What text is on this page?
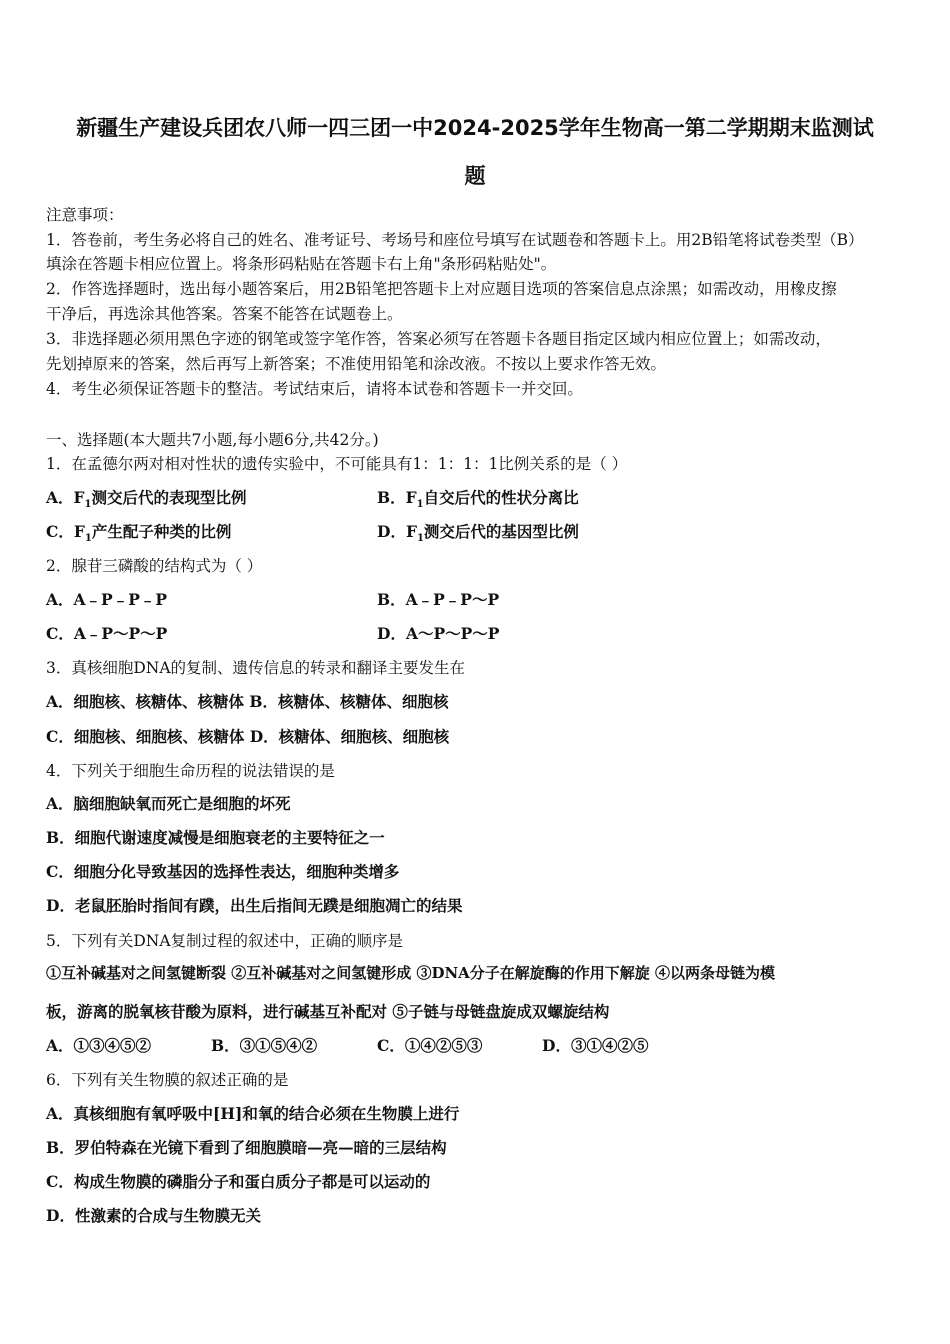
新疆生产建设兵团农八师一四三团一中2024-2025学年生物高一第二学期期末监测试
题
注意事项：
1．答卷前，考生务必将自己的姓名、准考证号、考场号和座位号填写在试题卷和答题卡上。用2B铅笔将试卷类型（B）
填涂在答题卡相应位置上。将条形码粘贴在答题卡右上角"条形码粘贴处"。
2．作答选择题时，选出每小题答案后，用2B铅笔把答题卡上对应题目选项的答案信息点涂黑；如需改动，用橡皮擦
干净后，再选涂其他答案。答案不能答在试题卷上。
3．非选择题必须用黑色字迹的钢笔或签字笔作答，答案必须写在答题卡各题目指定区域内相应位置上；如需改动，
先划掉原来的答案，然后再写上新答案；不准使用铅笔和涂改液。不按以上要求作答无效。
4．考生必须保证答题卡的整洁。考试结束后，请将本试卷和答题卡一并交回。
一、选择题(本大题共7小题,每小题6分,共42分。)
1．在孟德尔两对相对性状的遗传实验中，不可能具有1：1：1：1比例关系的是（ ）
A．$F_1$测交后代的表现型比例	B．$F_1$自交后代的性状分离比
C．$F_1$产生配子种类的比例	D．$F_1$测交后代的基因型比例
2．腺苷三磷酸的结构式为（ ）
A．A﹣P﹣P﹣P	B．A﹣P﹣P～P
C．A﹣P～P～P	D．A～P～P～P
3．真核细胞DNA的复制、遗传信息的转录和翻译主要发生在
A．细胞核、核糖体、核糖体 B．核糖体、核糖体、细胞核
C．细胞核、细胞核、核糖体 D．核糖体、细胞核、细胞核
4．下列关于细胞生命历程的说法错误的是
A．脑细胞缺氧而死亡是细胞的坏死
B．细胞代谢速度减慢是细胞衰老的主要特征之一
C．细胞分化导致基因的选择性表达，细胞种类增多
D．老鼠胚胎时指间有蹼，出生后指间无蹼是细胞凋亡的结果
5．下列有关DNA复制过程的叙述中，正确的顺序是
①互补碱基对之间氢键断裂 ②互补碱基对之间氢键形成 ③DNA分子在解旋酶的作用下解旋 ④以两条母链为模
板，游离的脱氧核苷酸为原料，进行碱基互补配对 ⑤子链与母链盘旋成双螺旋结构
A．①③④⑤②	B．③①⑤④②	C．①④②⑤③	D．③①④②⑤
6．下列有关生物膜的叙述正确的是
A．真核细胞有氧呼吸中[H]和氧的结合必须在生物膜上进行
B．罗伯特森在光镜下看到了细胞膜暗—亮—暗的三层结构
C．构成生物膜的磷脂分子和蛋白质分子都是可以运动的
D．性激素的合成与生物膜无关
